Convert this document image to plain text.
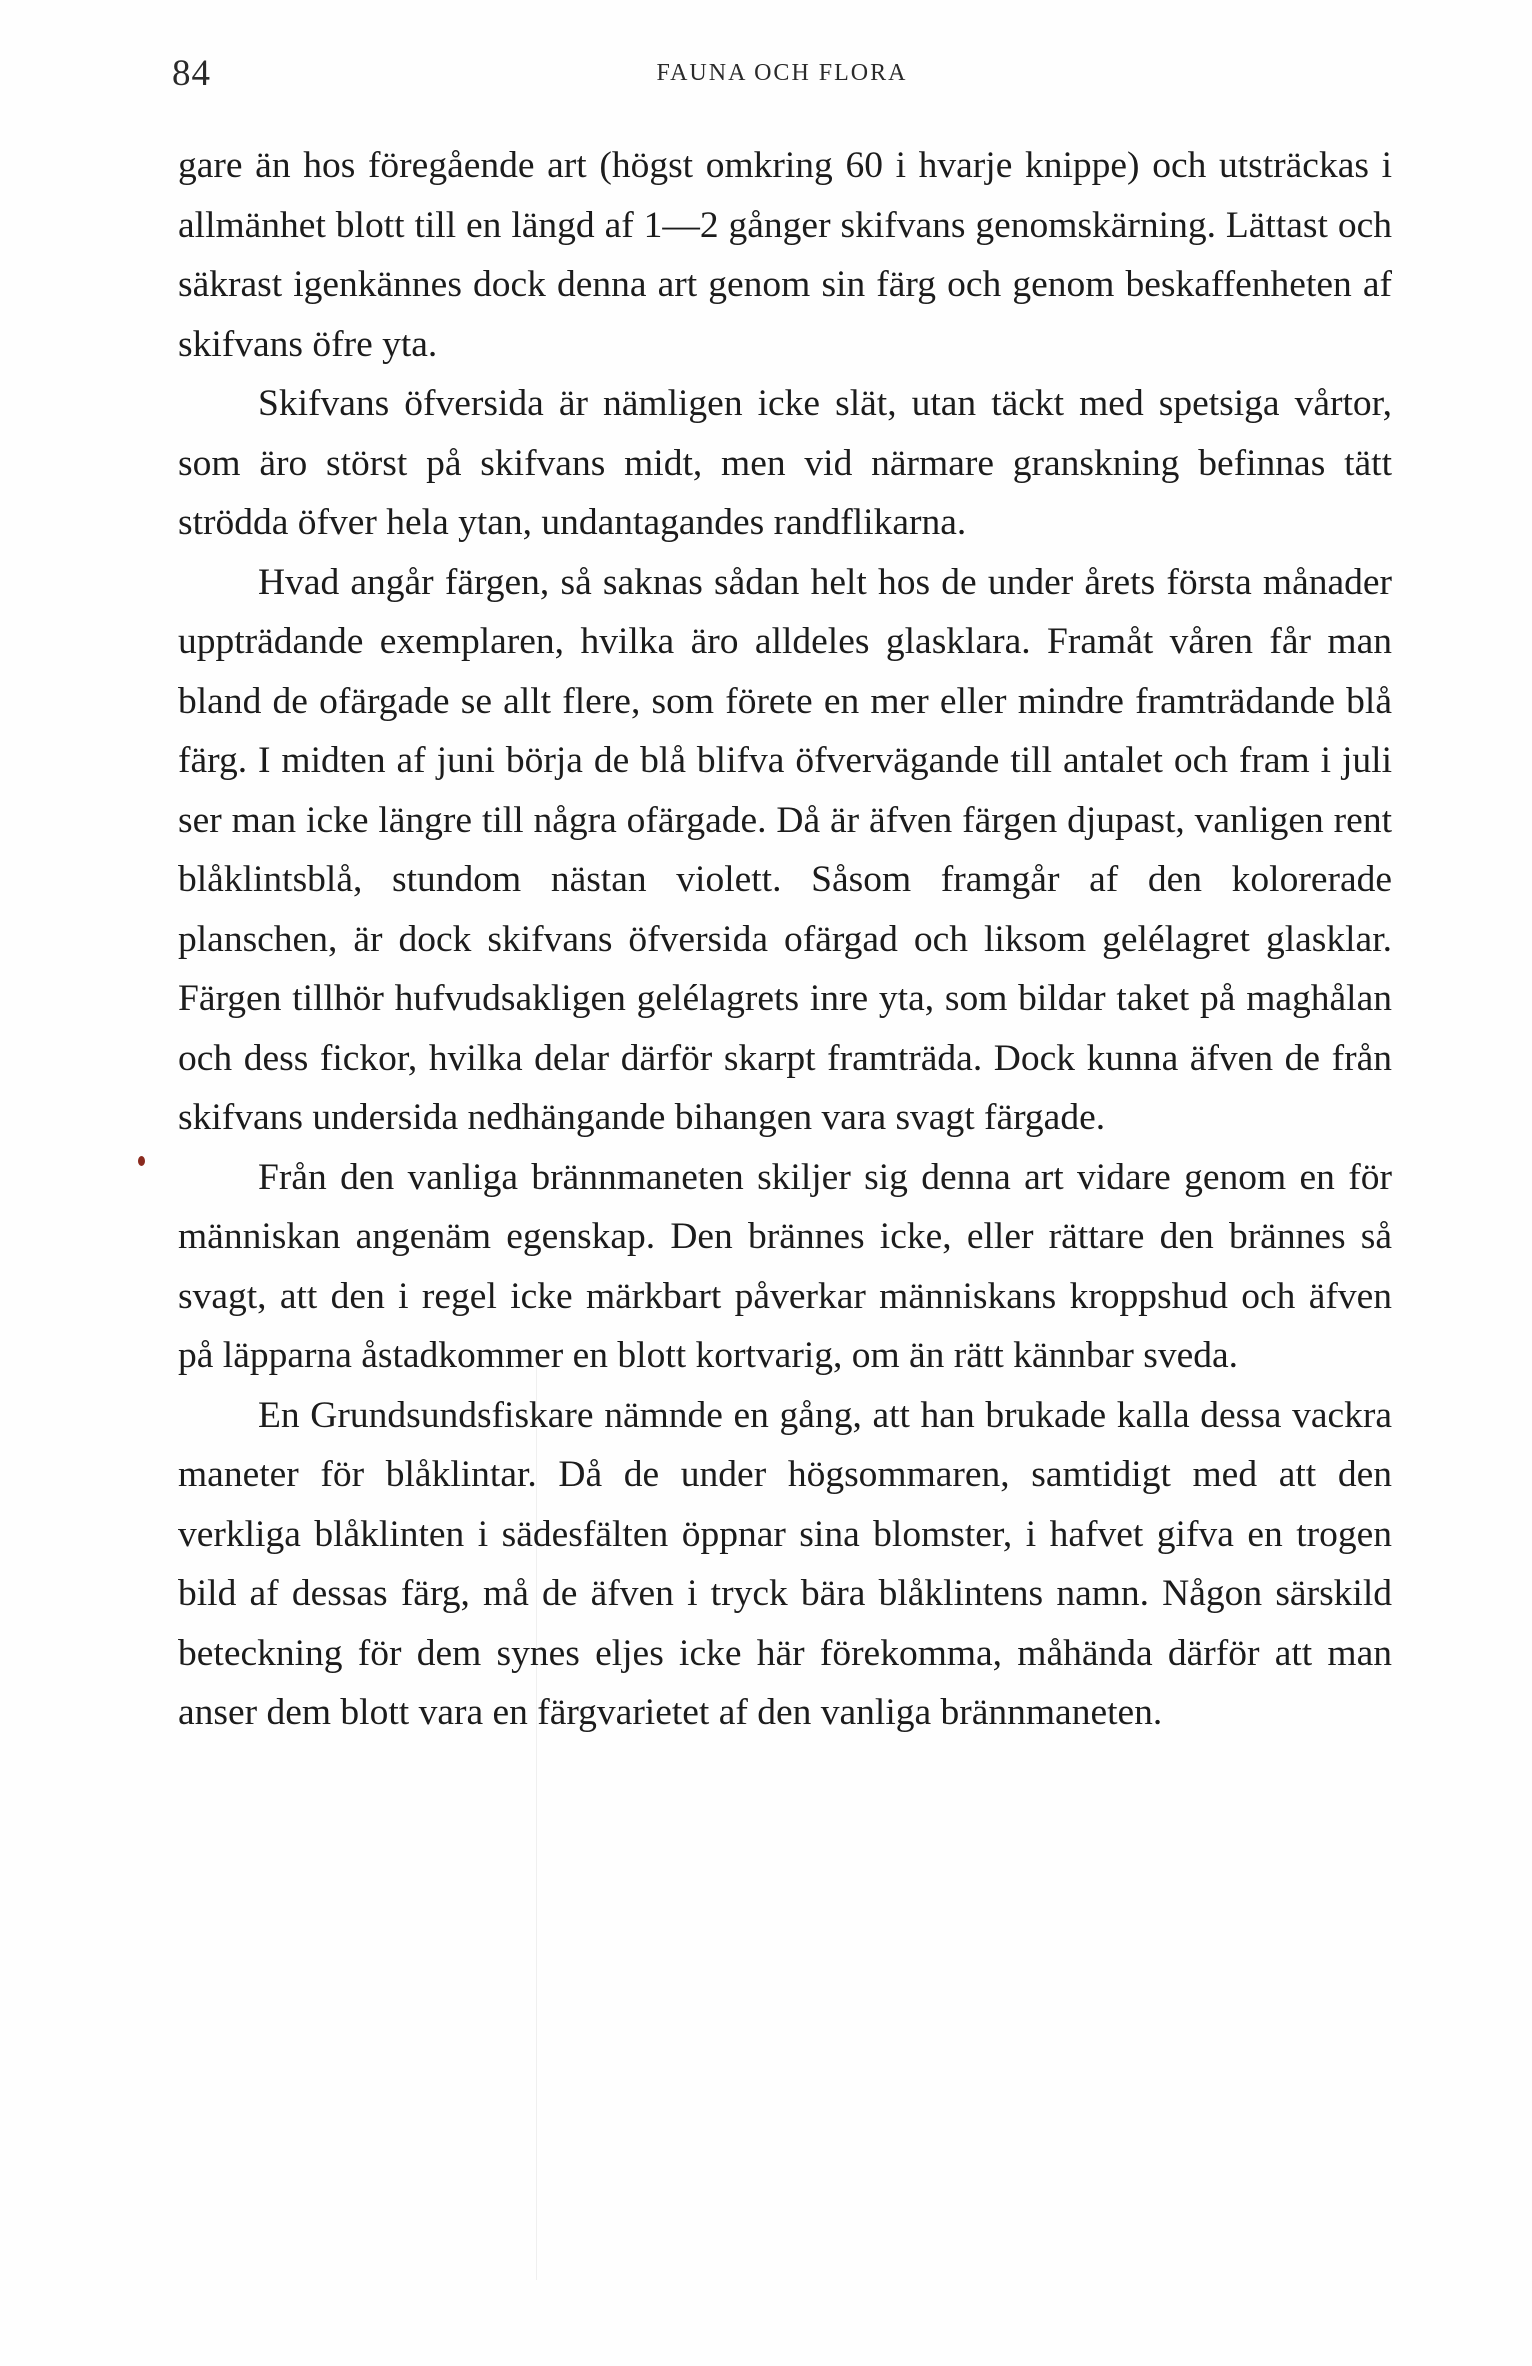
84	FAUNA OCH FLORA

gare än hos föregående art (högst omkring 60 i hvarje knippe) och utsträckas i allmänhet blott till en längd af 1—2 gånger skifvans genomskärning. Lättast och säkrast igenkännes dock denna art genom sin färg och genom beskaffenheten af skifvans öfre yta.

Skifvans öfversida är nämligen icke slät, utan täckt med spetsiga vårtor, som äro störst på skifvans midt, men vid närmare granskning befinnas tätt strödda öfver hela ytan, undantagandes randflikarna.

Hvad angår färgen, så saknas sådan helt hos de under årets första månader uppträdande exemplaren, hvilka äro alldeles glasklara. Framåt våren får man bland de ofärgade se allt flere, som förete en mer eller mindre framträdande blå färg. I midten af juni börja de blå blifva öfvervägande till antalet och fram i juli ser man icke längre till några ofärgade. Då är äfven färgen djupast, vanligen rent blåklintsblå, stundom nästan violett. Såsom framgår af den kolorerade planschen, är dock skifvans öfversida ofärgad och liksom gelélagret glasklar. Färgen tillhör hufvudsakligen gelélagrets inre yta, som bildar taket på maghålan och dess fickor, hvilka delar därför skarpt framträda. Dock kunna äfven de från skifvans undersida nedhängande bihangen vara svagt färgade.

Från den vanliga brännmaneten skiljer sig denna art vidare genom en för människan angenäm egenskap. Den brännes icke, eller rättare den brännes så svagt, att den i regel icke märkbart påverkar människans kroppshud och äfven på läpparna åstadkommer en blott kortvarig, om än rätt kännbar sveda.

En Grundsundsfiskare nämnde en gång, att han brukade kalla dessa vackra maneter för blåklintar. Då de under högsommaren, samtidigt med att den verkliga blåklinten i sädesfälten öppnar sina blomster, i hafvet gifva en trogen bild af dessas färg, må de äfven i tryck bära blåklintens namn. Någon särskild beteckning för dem synes eljes icke här förekomma, måhända därför att man anser dem blott vara en färgvarietet af den vanliga brännmaneten.
